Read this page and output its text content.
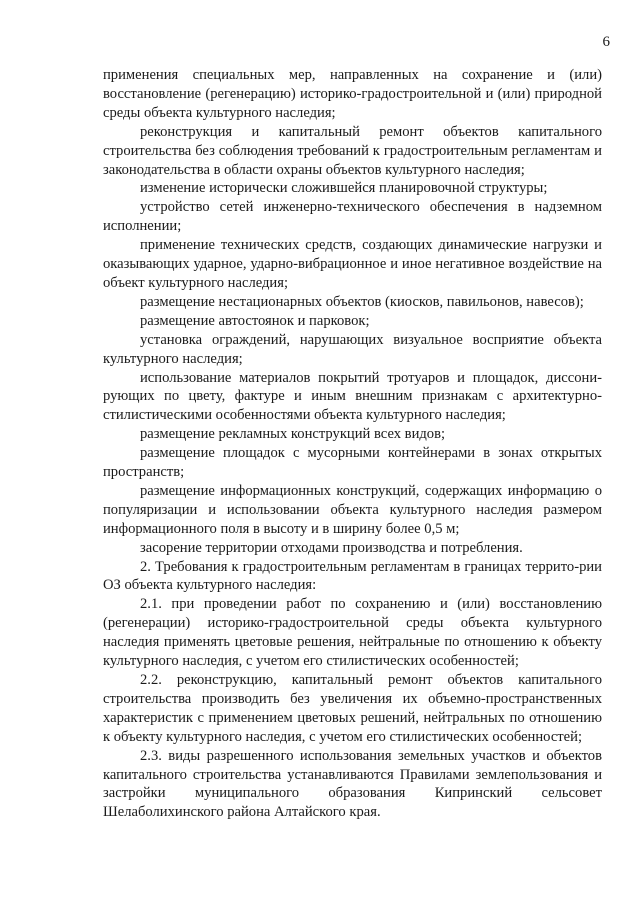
6

применения специальных мер, направленных на сохранение и (или) восстановление (регенерацию) историко-градостроительной и (или) природной среды объекта культурного наследия;

реконструкция и капитальный ремонт объектов капитального строительства без соблюдения требований к градостроительным регламентам и законодательства в области охраны объектов культурного наследия;

изменение исторически сложившейся планировочной структуры;

устройство сетей инженерно-технического обеспечения в надземном исполнении;

применение технических средств, создающих динамические нагрузки и оказывающих ударное, ударно-вибрационное и иное негативное воздействие на объект культурного наследия;

размещение нестационарных объектов (киосков, павильонов, навесов);

размещение автостоянок и парковок;

установка ограждений, нарушающих визуальное восприятие объекта культурного наследия;

использование материалов покрытий тротуаров и площадок, диссони-рующих по цвету, фактуре и иным внешним признакам с архитектурно-стилистическими особенностями объекта культурного наследия;

размещение рекламных конструкций всех видов;

размещение площадок с мусорными контейнерами в зонах открытых пространств;

размещение информационных конструкций, содержащих информацию о популяризации и использовании объекта культурного наследия размером информационного поля в высоту и в ширину более 0,5 м;

засорение территории отходами производства и потребления.

2. Требования к градостроительным регламентам в границах террито-рии ОЗ объекта культурного наследия:

2.1. при проведении работ по сохранению и (или) восстановлению (регенерации) историко-градостроительной среды объекта культурного наследия применять цветовые решения, нейтральные по отношению к объекту культурного наследия, с учетом его стилистических особенностей;

2.2. реконструкцию, капитальный ремонт объектов капитального строительства производить без увеличения их объемно-пространственных характеристик с применением цветовых решений, нейтральных по отношению к объекту культурного наследия, с учетом его стилистических особенностей;

2.3. виды разрешенного использования земельных участков и объектов капитального строительства устанавливаются Правилами землепользования и застройки муниципального образования Кипринский сельсовет Шелаболихинского района Алтайского края.
